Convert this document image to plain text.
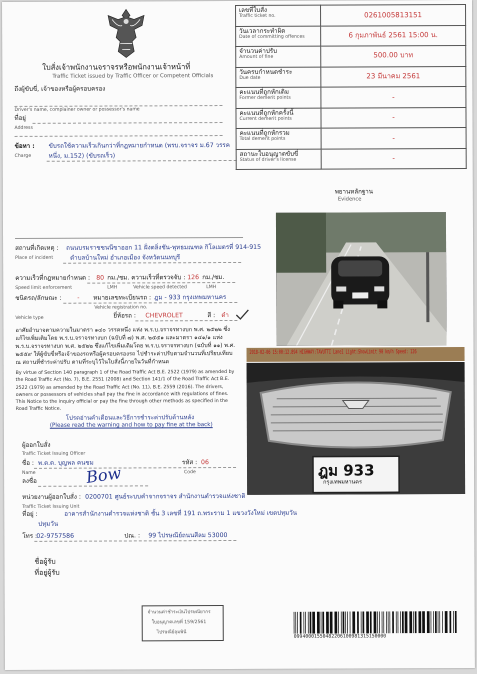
ใบสั่งเจ้าพนักงานจราจรหรือพนักงานเจ้าหน้าที่
Traffic Ticket issued by Traffic Officer or Competent Officials
ถึงผู้ขับขี่, เจ้าของหรือผู้ครอบครอง
Driver's name, complainer owner or possessor's name
ที่อยู่
Address
ข้อหา : ขับรถใช้ความเร็วเกินกว่าที่กฎหมายกำหนด (พรบ.จราจร ม.67 วรรค
Charge	หนึ่ง, ม.152) (ขับรถเร็ว)
เลขที่ใบสั่ง
Traffic ticket no.	0261005813151

วันเวลากระทำผิด
Date of committing offences	6 กุมภาพันธ์ 2561 15:00 น.

จำนวนค่าปรับ
Amount of fine	500.00 บาท

วันครบกำหนดชำระ
Due date	23 มีนาคม 2561

คะแนนที่ถูกหักเดิม
Former demerit points	-

คะแนนที่ถูกหักครั้งนี้
Current demerit points	-

คะแนนที่ถูกหักรวม
Total demerit points	-

สถานะใบอนุญาตขับขี่
Status of driver's license	-
พยานหลักฐาน
Evidence
2018-02-06 15:00:12.894 HIGHWAY:TAVUTTI Lane1 Light:ShowLimit 90 km/h Speed: 126
ฎม 933
กรุงเทพมหานคร
สถานที่เกิดเหตุ : ถนนบรมราชชนนีขาออก 11 ฝั่งตลิ่งชัน-พุทธมณฑล กิโลเมตรที่ 914-915
Place of incident	ตำบลบ้านใหม่ อำเภอเมือง จังหวัดนนทบุรี
ความเร็วที่กฎหมายกำหนด : 80 กม./ชม. ความเร็วที่ตรวจจับ : 126 กม./ชม.
Speed limit enforcement	LMH	Vehicle speed detected	LMH
ชนิดรถ/ลักษณะ :	- หมายเลขทะเบียนรถ : ฎม - 933 กรุงเทพมหานคร
Vehicle registration no.
Vehicle type	ยี่ห้อรถ : CHEVROLET	สี : ดำ
อาศัยอำนาจตามความในมาตรา ๑๔๐ วรรคหนึ่ง แห่ง พ.ร.บ.จราจรทางบก พ.ศ. ๒๕๒๒ ซึ่งแก้ไขเพิ่มเติมโดย พ.ร.บ.จราจรทางบก (ฉบับที่ ๗) พ.ศ. ๒๕๕๑ และมาตรา ๑๔๑/๑ แห่ง พ.ร.บ.จราจรทางบก พ.ศ. ๒๕๒๒ ซึ่งแก้ไขเพิ่มเติมโดย พ.ร.บ.จราจรทางบก (ฉบับที่ ๑๑) พ.ศ. ๒๕๕๙ ให้ผู้ขับขี่หรือเจ้าของรถหรือผู้ครอบครองรถ ไปชำระค่าปรับตามจำนวนที่เปรียบเทียบ ณ สถานที่ชำระค่าปรับ ตามที่ระบุไว้ในใบสั่งนี้ภายในวันที่กำหนด
By virtue of Section 140 paragraph 1 of the Road Traffic Act B.E. 2522 (1979) as amended by the Road Traffic Act (No. 7), B.E. 2551 (2008) and Section 141/1 of the Road Traffic Act B.E. 2522 (1979) as amended by the Road Traffic Act (No. 11), B.E. 2559 (2016). The drivers, owners or possessors of vehicles shall pay the fine in accordance with regulations of fines. This Notice to the inquiry official or pay the fine through other methods as specified in the Road Traffic Notice.
โปรดอ่านคำเตือนและวิธีการชำระค่าปรับด้านหลัง
(Please read the warning and how to pay fine at the back)
ผู้ออกใบสั่ง
Traffic Ticket Issuing Officer
ชื่อ : พ.ต.ต. บุญพล คนชม	รหัส : 06
Name	Code
ลงชื่อ	Bow
หน่วยงานผู้ออกใบสั่ง : 0200701 ศูนย์ระบบคำจากจราจร สำนักงานตำรวจแห่งชาติ
Traffic Ticket Issuing Unit
ที่อยู่ :	อาคารสำนักงานตำรวจแห่งชาติ ชั้น 3 เลขที่ 191 ถ.พระราม 1 แขวงวังใหม่ เขตปทุมวัน
ปทุมวัน
โทร : 02-9757586	ปณ. : 99 ไปรษณีย์ถนนสีลม 53000
ชื่อผู้รับ
ที่อยู่ผู้รับ
จำนวนค่าชำระเงินไปรษณียากร
ใบอนุญาตเลขที่ 159/2561
ไปรษณีย์ลุมพินี
09940001550482206100981315150000
